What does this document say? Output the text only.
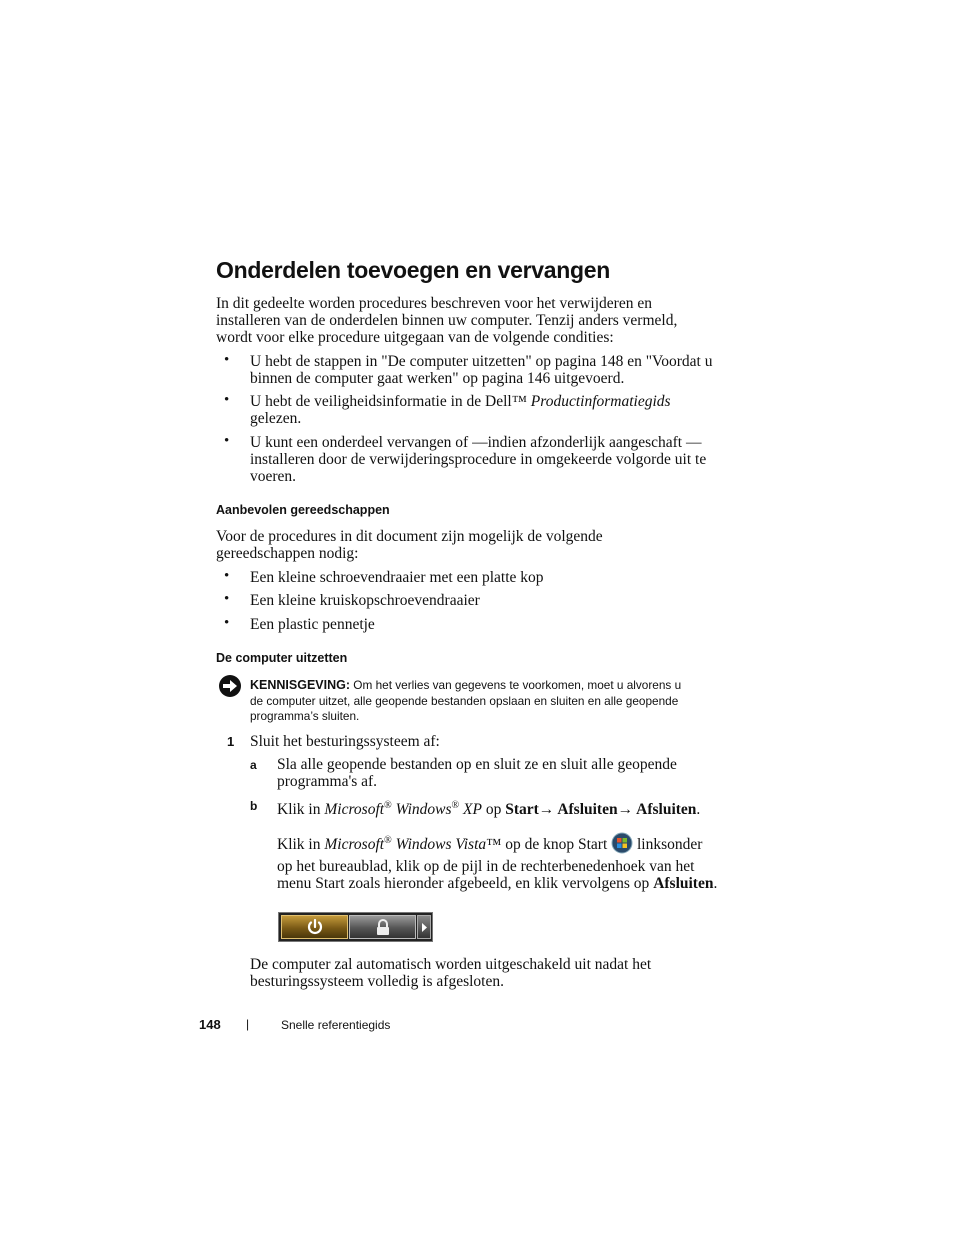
Onderdelen toevoegen en vervangen
In dit gedeelte worden procedures beschreven voor het verwijderen en
installeren van de onderdelen binnen uw computer. Tenzij anders vermeld,
wordt voor elke procedure uitgegaan van de volgende condities:
• U hebt de stappen in "De computer uitzetten" op pagina 148 en "Voordat u
binnen de computer gaat werken" op pagina 146 uitgevoerd.
• U hebt de veiligheidsinformatie in de Dell™ Productinformatiegids
gelezen.
• U kunt een onderdeel vervangen of —indien afzonderlijk aangeschaft —
installeren door de verwijderingsprocedure in omgekeerde volgorde uit te
voeren.
Aanbevolen gereedschappen
Voor de procedures in dit document zijn mogelijk de volgende
gereedschappen nodig:
• Een kleine schroevendraaier met een platte kop
• Een kleine kruiskopschroevendraaier
• Een plastic pennetje
De computer uitzetten
KENNISGEVING: Om het verlies van gegevens te voorkomen, moet u alvorens u
de computer uitzet, alle geopende bestanden opslaan en sluiten en alle geopende
programma’s sluiten.
1 Sluit het besturingssysteem af:
a Sla alle geopende bestanden op en sluit ze en sluit alle geopende
programma's af.
b Klik in Microsoft® Windows® XP op Start→ Afsluiten→ Afsluiten.
Klik in Microsoft® Windows Vista™ op de knop Start  linksonder
op het bureaublad, klik op de pijl in de rechterbenedenhoek van het
menu Start zoals hieronder afgebeeld, en klik vervolgens op Afsluiten.
De computer zal automatisch worden uitgeschakeld uit nadat het
besturingssysteem volledig is afgesloten.
148 |	Snelle referentiegids
